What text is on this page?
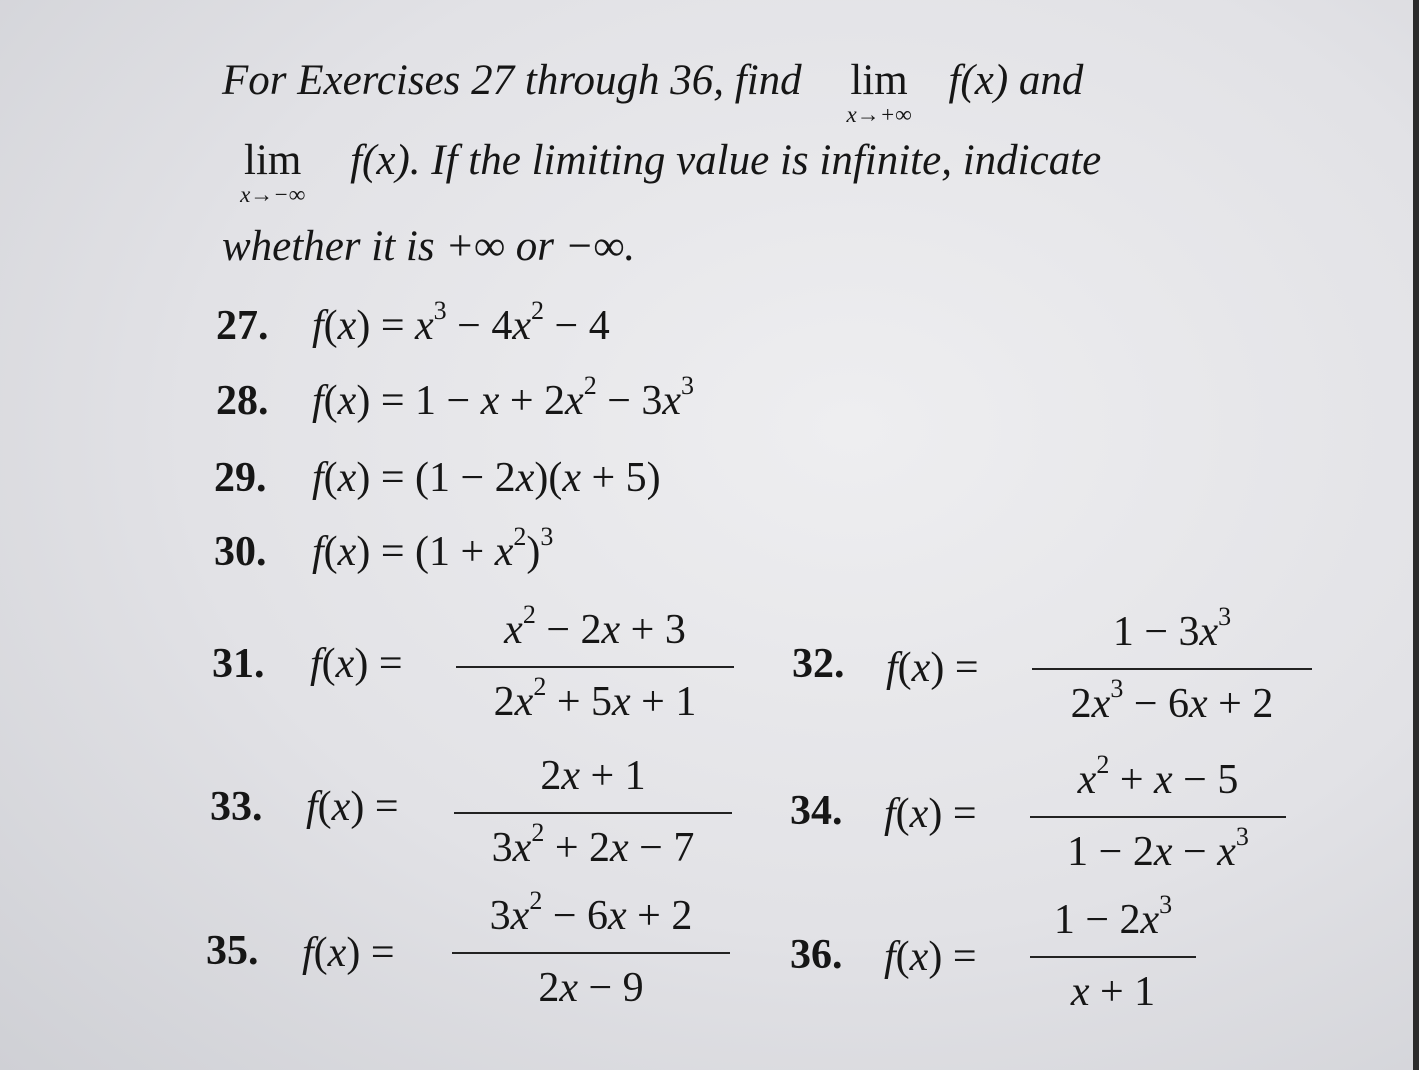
For Exercises 27 through 36, find lim
x→+∞
f(x) and
lim
x→−∞
f(x). If the limiting value is infinite, indicate
whether it is +∞ or −∞.
27. $f(x) = x^3 - 4x^2 - 4$
28. $f(x) = 1 - x + 2x^2 - 3x^3$
29. f(x) = (1 − 2x)(x + 5)
30. $f(x) = (1 + x^2)^3$
31. f(x) =
$x^2 - 2x + 3$
$2x^2 + 5x + 1$
32. f(x) =
$1 - 3x^3$
$2x^3 - 6x + 2$
33. f(x) =
2x + 1
$3x^2 + 2x - 7$
34. f(x) =
$x^2 + x - 5$
$1 - 2x - x^3$
35. f(x) =
$3x^2 - 6x + 2$
2x − 9
36. f(x) =
$1 - 2x^3$
x + 1
